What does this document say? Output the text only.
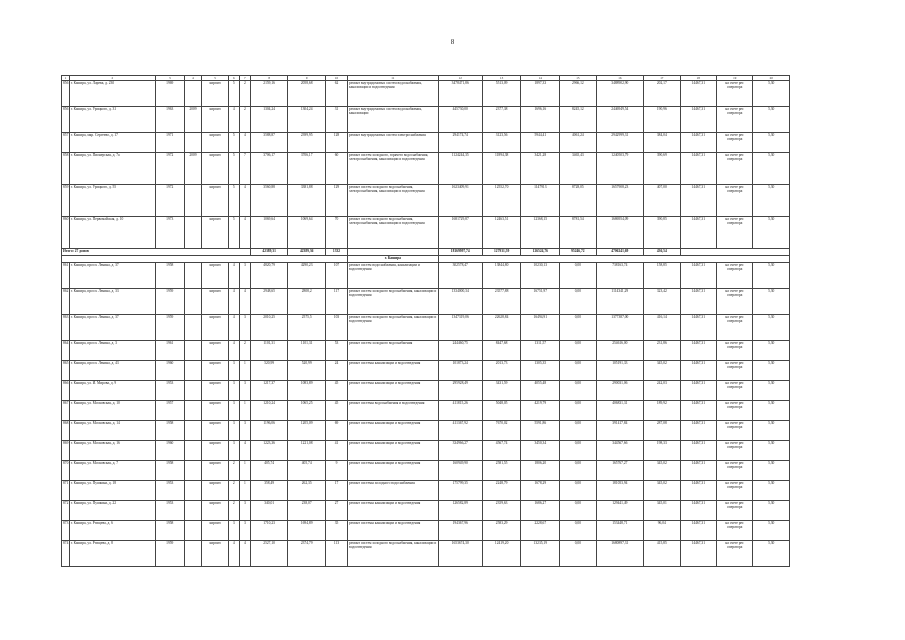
8
1	2	3	4	5	6	7	8	9	10	11	12	13	14	15	16	17	18	19	20
856	г. Кашира, ул. Ларева, д. 230	1969		кирпич	5	2	2159,16	2058,68	62	ремонт внутридомовых систем водоснабжения, канализации и водоотведения	3478471,86	5513,09	1897,33	2966,12	3488902,90	202,17	14467,31	на счете рег. оператора	5,30
856	г. Кашира, ул. Урицкого, д. 31	1963	2009	кирпич	4	2	1304,24	1304,24	31	ремонт внутридомовых систем водоснабжения, канализации	445730,00	2377,38	1696,16	8245,12	2446949,54	190,96	14467,31	на счете рег. оператора	5,30
857	г. Кашира, мкр. Сергеево, д. 17	1971		кирпич	5	4	3588,87	2399,95	128	ремонт внутридомовых систем электроснабжения	294174,74	3123,56	5944,41	4061,24	2942999,31	384,04	14467,31	на счете рег. оператора	5,30
858	г. Кашира, ул. Пионерская, д. 7а	1972	2009	кирпич	5	7	3706,17	3706,17	60	ремонт систем холодного, горячего водоснабжения, электроснабжения, канализации и водоотведения	1124244,35	11894,38	3421,28	3465,43	1240503,79	390,69	14467,31	на счете рег. оператора	5,30
859	г. Кашира, ул. Урицкого, д. 55	1972		кирпич	5	4	3560,88	3381,88	129	ремонт систем холодного водоснабжения, электроснабжения, канализации и водоотведения	1623409,91	12552,70	1147913	8728,05	1657908,23	407,00	14467,31	на счете рег. оператора	5,30
860	г. Кашира, ул. Первомайская, д. 10	1973		кирпич	5	4	1069,64	1069,64	70	ремонт систем холодного водоснабжения, электроснабжения, канализации и водоотведения	1681729,87	12463,51	12368,15	8781,54	1686954,09	390,85	14467,31	на счете рег. оператора	5,30
Итого: 27 домов							42389,31	42389,36	1332		18169997,74	127931,59	126524,76	95246,72	4706241,69	436,54			
										г. Кашира									
861	г. Кашира, просп. Ленина, д. 37	1958		кирпич	4	3	4820,79	4290,23	107	ремонт систем водоснабжения, канализации и водоотведения	302578,47	13844,80	10230,13	0,00	738163,74	158,85	14467,31	на счете рег. оператора	5,30
862	г. Кашира, просп. Ленина, д. 33	1959		кирпич	4	4	2948,65	2808,2	117	ремонт систем холодного водоснабжения, канализации и водоотведения	1334000,34	23577,88	16751,97	0,00	1114341,29	323,42	14467,31	на счете рег. оператора	5,30
863	г. Кашира, просп. Ленина, д. 37	1959		кирпич	4	3	2010,25	2575,5	103	ремонт систем холодного водоснабжения, канализации и водоотведения	1347319,06	22628,84	16494,91	0,00	1377387,00	416,14	14467,31	на счете рег. оператора	5,30
864	г. Кашира, просп. Ленина, д. 3	1961		кирпич	4	2	1101,31	1101,31	53	ремонт систем холодного водоснабжения	244460,75	8447,68	1311,57	0,00	254616,00	231,86	14467,31	на счете рег. оператора	5,30
865	г. Кашира, просп. Ленина, д. 43	1960		кирпич	3	1	520,99	520,99	24	ремонт системы канализации и водоотведения	101873,24	2013,73	1305,35	0,00	105191,33	345,02	14467,31	на счете рег. оператора	5,30
866	г. Кашира, ул. И. Мирова, д. 9	1953		кирпич	3	3	1217,37	1083,89	45	ремонт системы канализации и водоотведения	295928,49	3431,59	4055,48	0,00	290031,06	242,03	14467,31	на счете рег. оператора	5,30
867	г. Кашира, ул. Московская, д. 10	1957		кирпич	3	1	1210,24	1065,25	45	ремонт системы водоснабжения и водоотведения	411815,26	5048,05	4219,79	0,00	406831,31	189,92	14467,31	на счете рег. оператора	5,30
868	г. Кашира, ул. Московская, д. 14	1958		кирпич	3	3	1196,06	1205,09	69	ремонт системы канализации и водоотведения	411367,92	7670,02	5591,86	0,00	391417,84	287,08	14467,31	на счете рег. оператора	5,30
869	г. Кашира, ул. Московская, д. 16	1960		кирпич	3	4	1223,36	1221,08	41	ремонт системы канализации и водоотведения	334966,27	4567,74	3450,34	0,00	344567,66	198,33	14467,31	на счете рег. оператора	5,30
870	г. Кашира, ул. Московская, д. 7	1958		кирпич	2	1	405,74	405,74	9	ремонт системы канализации и водоотведения	160949,90	2581,55	1806,20	0,00	165767,27	345,02	14467,31	на счете рег. оператора	5,30
871	г. Кашира, ул. Пушкина, д. 18	1953		кирпич	2	1	358,49	262,35	17	ремонт системы холодного водоснабжения	175799,35	2248,79	1678,29	0,00	181053,94	345,02	14467,31	на счете рег. оператора	5,30
872	г. Кашира, ул. Пушкина, д. 22	1953		кирпич	2	3	340,01	238,07	27	ремонт системы канализации и водоотведения	126582,89	2359,63	1686,27	0,00	129441,49	345,01	14467,31	на счете рег. оператора	5,30
873	г. Кашира, ул. Ртищева, д. 6	1958		кирпич	3	3	1710,23	1694,89	35	ремонт системы канализации и водоотведения	194367,96	2583,29	2228,67	0,00	153448,71	96,04	14467,31	на счете рег. оператора	5,30
874	г. Кашира, ул. Ртищева, д. 8	1959		кирпич	4	4	2527,10	2374,79	113	ремонт систем холодного водоснабжения, канализации и водоотведения	1653674,30	12419,20	13235,19	0,00	1680897,31	415,85	14467,31	на счете рег. оператора	5,30
